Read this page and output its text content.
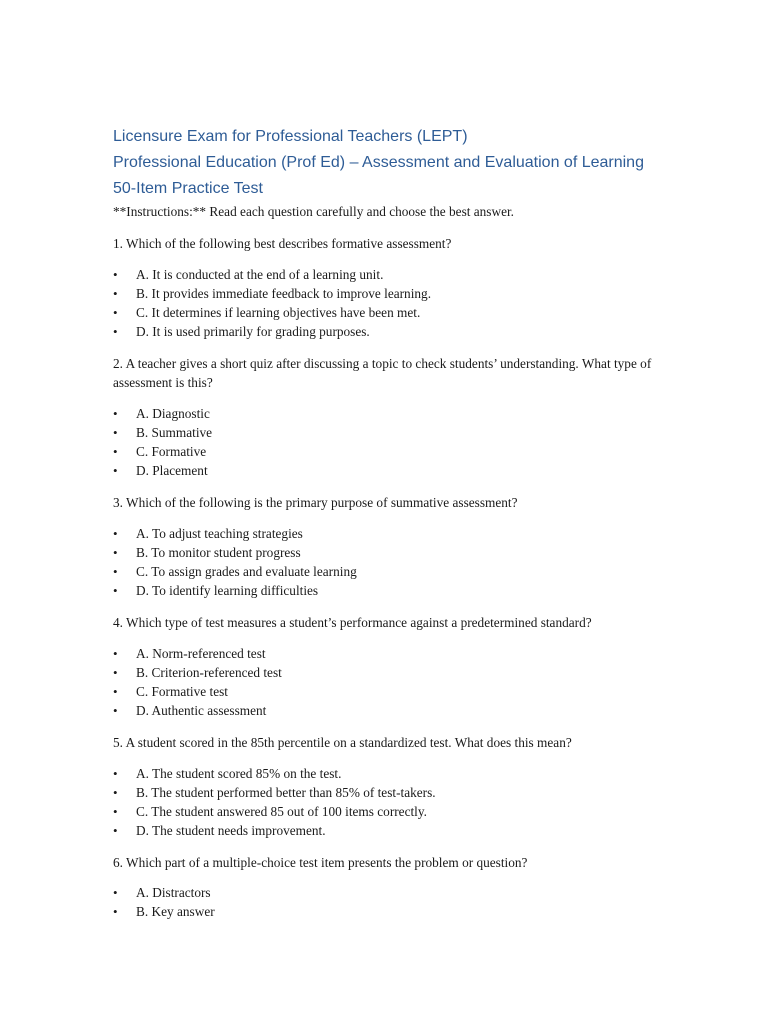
Licensure Exam for Professional Teachers (LEPT)
Professional Education (Prof Ed) – Assessment and Evaluation of Learning
50-Item Practice Test
**Instructions:** Read each question carefully and choose the best answer.
1. Which of the following best describes formative assessment?
• A. It is conducted at the end of a learning unit.
• B. It provides immediate feedback to improve learning.
• C. It determines if learning objectives have been met.
• D. It is used primarily for grading purposes.
2. A teacher gives a short quiz after discussing a topic to check students’ understanding. What type of assessment is this?
• A. Diagnostic
• B. Summative
• C. Formative
• D. Placement
3. Which of the following is the primary purpose of summative assessment?
• A. To adjust teaching strategies
• B. To monitor student progress
• C. To assign grades and evaluate learning
• D. To identify learning difficulties
4. Which type of test measures a student’s performance against a predetermined standard?
• A. Norm-referenced test
• B. Criterion-referenced test
• C. Formative test
• D. Authentic assessment
5. A student scored in the 85th percentile on a standardized test. What does this mean?
• A. The student scored 85% on the test.
• B. The student performed better than 85% of test-takers.
• C. The student answered 85 out of 100 items correctly.
• D. The student needs improvement.
6. Which part of a multiple-choice test item presents the problem or question?
• A. Distractors
• B. Key answer
